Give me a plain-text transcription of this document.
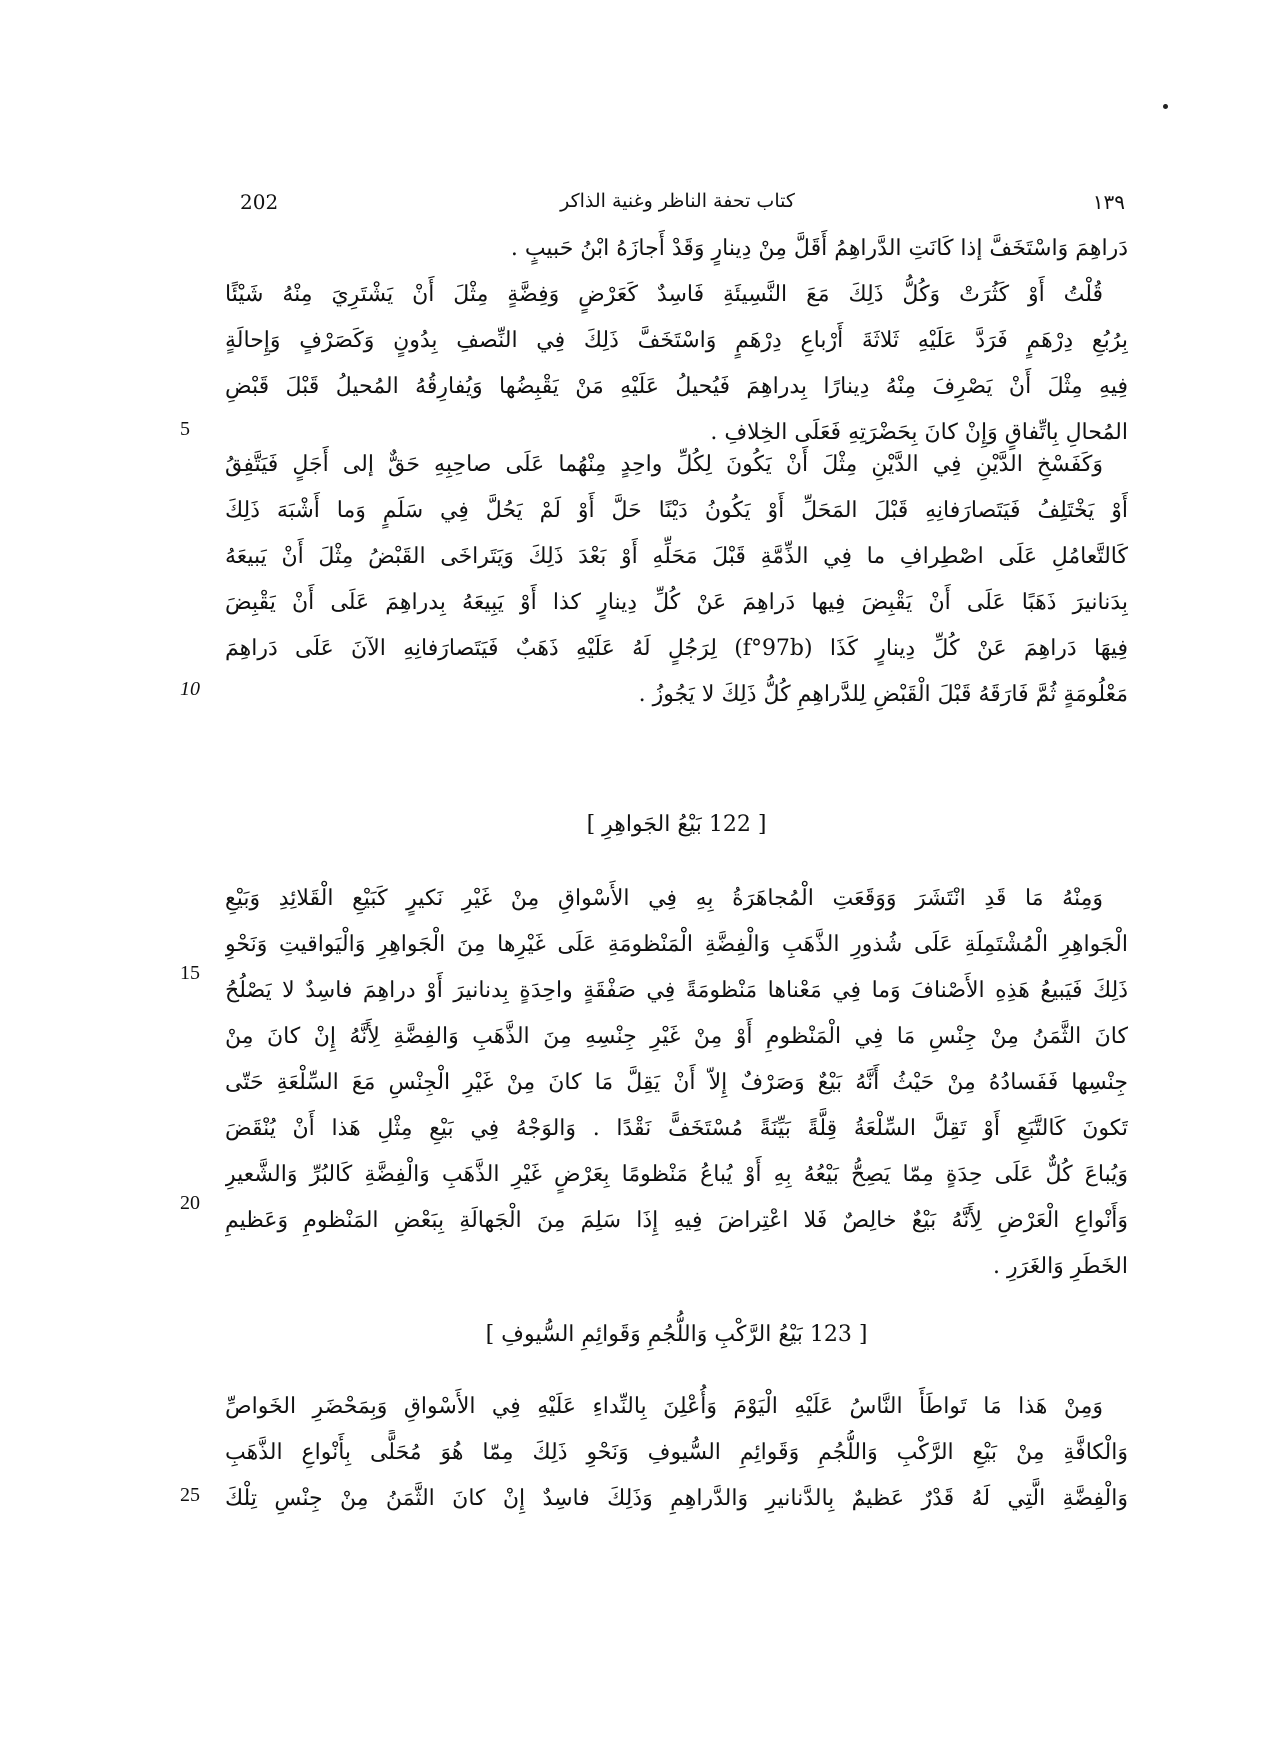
202	كتاب تحفة الناظر وغنية الذاكر	١٣٩
دَراهِمَ وَاسْتَخَفَّ إذا كَانَتِ الدَّراهِمُ أَقَلَّ مِنْ دِينارٍ وَقَدْ أَجازَهُ ابْنُ حَبيبٍ .
قُلْتُ أَوْ كَثُرَتْ وَكُلُّ ذَلِكَ مَعَ النَّسِيئَةِ فَاسِدٌ كَعَرْضٍ وَفِضَّةٍ مِثْلَ أَنْ يَشْتَرِيَ مِنْهُ شَيْئًا
بِرُبُعِ دِرْهَمٍ فَرَدَّ عَلَيْهِ ثَلاثَةَ أَرْباعِ دِرْهَمٍ وَاسْتَخَفَّ ذَلِكَ فِي النِّصفِ بِدُونٍ وَكَصَرْفٍ وَإِحالَةٍ
فِيهِ مِثْلَ أَنْ يَصْرِفَ مِنْهُ دِينارًا بِدراهِمَ فَيُحيلُ عَلَيْهِ مَنْ يَقْبِضُها وَيُفارِقُهُ المُحيلُ قَبْلَ قَبْضِ
المُحالِ بِاتِّفاقٍ وَإِنْ كانَ بِحَضْرَتِهِ فَعَلَى الخِلافِ .
وَكَفَسْخِ الدَّيْنِ فِي الدَّيْنِ مِثْلَ أَنْ يَكُونَ لِكُلِّ واحِدٍ مِنْهُما عَلَى صاحِبِهِ حَقٌّ إلى أَجَلٍ فَيَتَّفِقُ
أَوْ يَخْتَلِفُ فَيَتَصارَفانِهِ قَبْلَ المَحَلِّ أَوْ يَكُونُ دَيْنًا حَلَّ أَوْ لَمْ يَحُلَّ فِي سَلَمٍ وَما أَشْبَهَ ذَلِكَ
كَالتَّعامُلِ عَلَى اصْطِرافِ ما فِي الذِّمَّةِ قَبْلَ مَحَلِّهِ أَوْ بَعْدَ ذَلِكَ وَيَتَراخَى القَبْضُ مِثْلَ أَنْ يَبيعَهُ
بِدَنانيرَ ذَهَبًا عَلَى أَنْ يَقْبِضَ فِيها دَراهِمَ عَنْ كُلِّ دِينارٍ كذا أَوْ يَبِيعَهُ بِدراهِمَ عَلَى أَنْ يَقْبِضَ
فِيهَا دَراهِمَ عَنْ كُلِّ دِينارٍ كَذَا (f°97b) لِرَجُلٍ لَهُ عَلَيْهِ ذَهَبٌ فَيَتَصارَفانِهِ الآنَ عَلَى دَراهِمَ
مَعْلُومَةٍ ثُمَّ فَارَقَهُ قَبْلَ الْقَبْضِ لِلدَّراهِمِ كُلُّ ذَلِكَ لا يَجُوزُ .
[ 122 بَيْعُ الجَواهِرِ ]
وَمِنْهُ مَا قَدِ انْتَشَرَ وَوَقَعَتِ الْمُجاهَرَةُ بِهِ فِي الأَسْواقِ مِنْ غَيْرِ نَكيرٍ كَبَيْعِ الْقَلائِدِ وَبَيْعِ
الْجَواهِرِ الْمُشْتَمِلَةِ عَلَى شُذورِ الذَّهَبِ وَالْفِضَّةِ الْمَنْظومَةِ عَلَى غَيْرِها مِنَ الْجَواهِرِ وَالْيَواقيتِ وَنَحْوِ
ذَلِكَ فَيَبيعُ هَذِهِ الأَصْنافَ وَما فِي مَعْناها مَنْظومَةً فِي صَفْقَةٍ واحِدَةٍ بِدنانيرَ أَوْ دراهِمَ فاسِدٌ لا يَصْلُحُ
كانَ الثَّمَنُ مِنْ جِنْسِ مَا فِي الْمَنْظومِ أَوْ مِنْ غَيْرِ جِنْسِهِ مِنَ الذَّهَبِ وَالفِضَّةِ لِأَنَّهُ إِنْ كانَ مِنْ
جِنْسِها فَفَسادُهُ مِنْ حَيْثُ أَنَّهُ بَيْعٌ وَصَرْفٌ إِلاّ أَنْ يَقِلَّ مَا كانَ مِنْ غَيْرِ الْجِنْسِ مَعَ السِّلْعَةِ حَتّى
تَكونَ كَالتَّبَعِ أَوْ تَقِلَّ السِّلْعَةُ قِلَّةً بَيِّنَةً مُسْتَخَفًّ نَقْدًا . وَالوَجْهُ فِي بَيْعِ مِثْلِ هَذا أَنْ يُنْقَضَ
وَيُباعَ كُلٌّ عَلَى حِدَةٍ مِمّا يَصِحُّ بَيْعُهُ بِهِ أَوْ يُباعُ مَنْظومًا بِعَرْضٍ غَيْرِ الذَّهَبِ وَالْفِضَّةِ كَالبُرِّ وَالشَّعيرِ
وَأَنْواعِ الْعَرْضِ لِأَنَّهُ بَيْعٌ خالِصٌ فَلا اعْتِراضَ فِيهِ إِذَا سَلِمَ مِنَ الْجَهالَةِ بِبَعْضِ المَنْظومِ وَعَظيمِ
الخَطَرِ وَالغَرَرِ .
[ 123 بَيْعُ الرَّكْبِ وَاللُّجُمِ وَقَوائِمِ السُّيوفِ ]
وَمِنْ هَذا مَا تَواطَأَ النَّاسُ عَلَيْهِ الْيَوْمَ وَأُعْلِنَ بِالنِّداءِ عَلَيْهِ فِي الأَسْواقِ وَبِمَحْضَرِ الخَواصِّ
وَالْكافَّةِ مِنْ بَيْعِ الرَّكْبِ وَاللُّجُمِ وَقَوائِمِ السُّيوفِ وَنَحْوِ ذَلِكَ مِمّا هُوَ مُحَلًّى بِأَنْواعِ الذَّهَبِ
وَالْفِضَّةِ الَّتِي لَهُ قَدْرٌ عَظيمٌ بِالدَّنانيرِ وَالدَّراهِمِ وَذَلِكَ فاسِدٌ إِنْ كانَ الثَّمَنُ مِنْ جِنْسِ تِلْكَ
5
10
15
20
25
